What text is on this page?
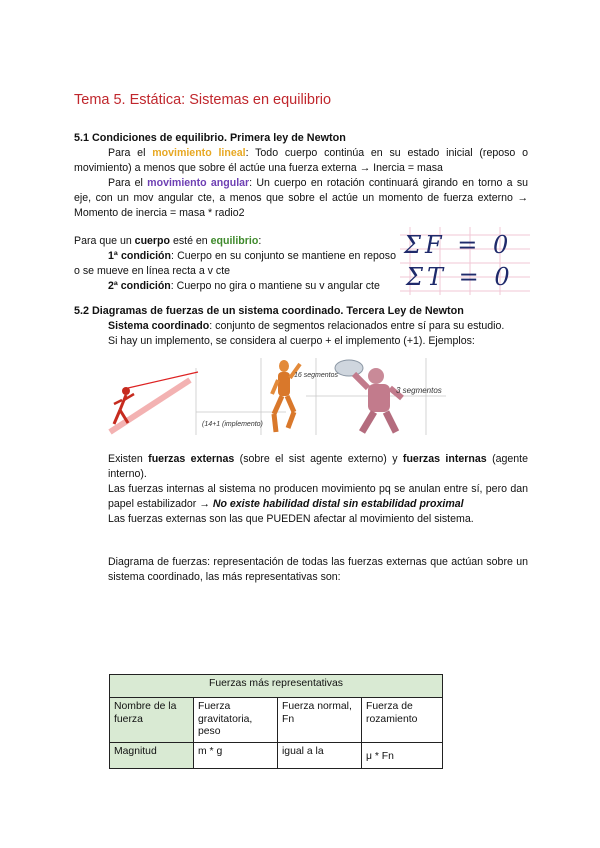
Tema 5. Estática: Sistemas en equilibrio
5.1 Condiciones de equilibrio. Primera ley de Newton
Para el movimiento lineal: Todo cuerpo continúa en su estado inicial (reposo o movimiento) a menos que sobre él actúe una fuerza externa → Inercia = masa
Para el movimiento angular: Un cuerpo en rotación continuará girando en torno a su eje, con un mov angular cte, a menos que sobre el actúe un momento de fuerza externo → Momento de inercia = masa * radio2
Para que un cuerpo esté en equilibrio:
1ª condición: Cuerpo en su conjunto se mantiene en reposo o se mueve en línea recta a v cte
2ª condición: Cuerpo no gira o mantiene su v angular cte
ΣF = 0
ΣT = 0
5.2 Diagramas de fuerzas de un sistema coordinado. Tercera Ley de Newton
Sistema coordinado: conjunto de segmentos relacionados entre sí para su estudio.
Si hay un implemento, se considera al cuerpo + el implemento (+1). Ejemplos:
(14+1 (implemento)
16 segmentos
3 segmentos
Existen fuerzas externas (sobre el sist agente externo) y fuerzas internas (agente interno).
Las fuerzas internas al sistema no producen movimiento pq se anulan entre sí, pero dan papel estabilizador → No existe habilidad distal sin estabilidad proximal
Las fuerzas externas son las que PUEDEN afectar al movimiento del sistema.
Diagrama de fuerzas: representación de todas las fuerzas externas que actúan sobre un sistema coordinado, las más representativas son:
Fuerzas más representativas			
Nombre de la fuerza	Fuerza gravitatoria, peso	Fuerza normal, Fn	Fuerza de rozamiento
Magnitud	m * g	igual a la	μ * Fn
